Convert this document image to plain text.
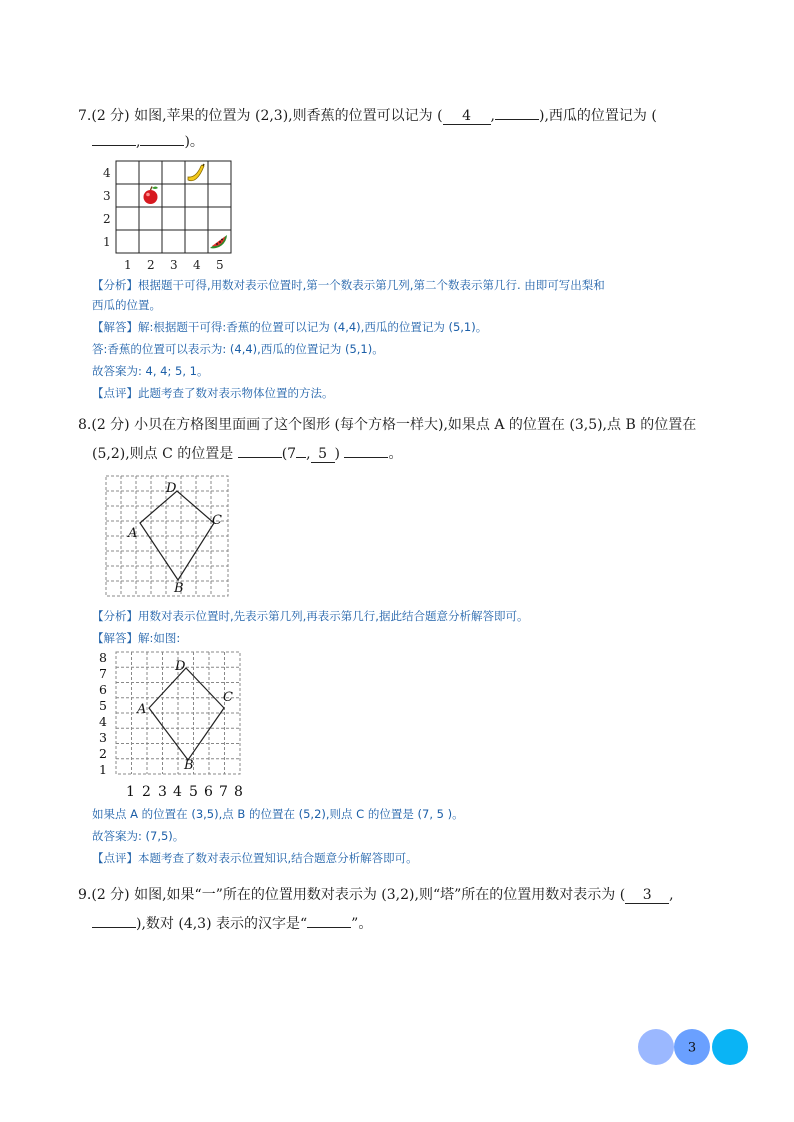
7.(2 分) 如图,苹果的位置为 (2,3),则香蕉的位置可以记为 ( 4 ,	),西瓜的位置记为 (
,	)。
4
3
2
1
1 2 3 4 5
【分析】根据题干可得,用数对表示位置时,第一个数表示第几列,第二个数表示第几行. 由即可写出梨和
西瓜的位置。
【解答】解:根据题干可得:香蕉的位置可以记为 (4,4),西瓜的位置记为 (5,1)。
答:香蕉的位置可以表示为: (4,4),西瓜的位置记为 (5,1)。
故答案为: 4, 4; 5, 1。
【点评】此题考查了数对表示物体位置的方法。
8.(2 分) 小贝在方格图里面画了这个图形 (每个方格一样大),如果点 A 的位置在 (3,5),点 B 的位置在
(5,2),则点 C 的位置是	(7 , 5 )	。
A
D
C
B
【分析】用数对表示位置时,先表示第几列,再表示第几行,据此结合题意分析解答即可。
【解答】解:如图:
A
D
C
B
8
7
6
5
4
3
2
1
1 2 3 4 5 6 7 8
如果点 A 的位置在 (3,5),点 B 的位置在 (5,2),则点 C 的位置是 (7, 5 )。
故答案为: (7,5)。
【点评】本题考查了数对表示位置知识,结合题意分析解答即可。
9.(2 分) 如图,如果“一”所在的位置用数对表示为 (3,2),则“塔”所在的位置用数对表示为 ( 3 ,
),数对 (4,3) 表示的汉字是“	”。
3
